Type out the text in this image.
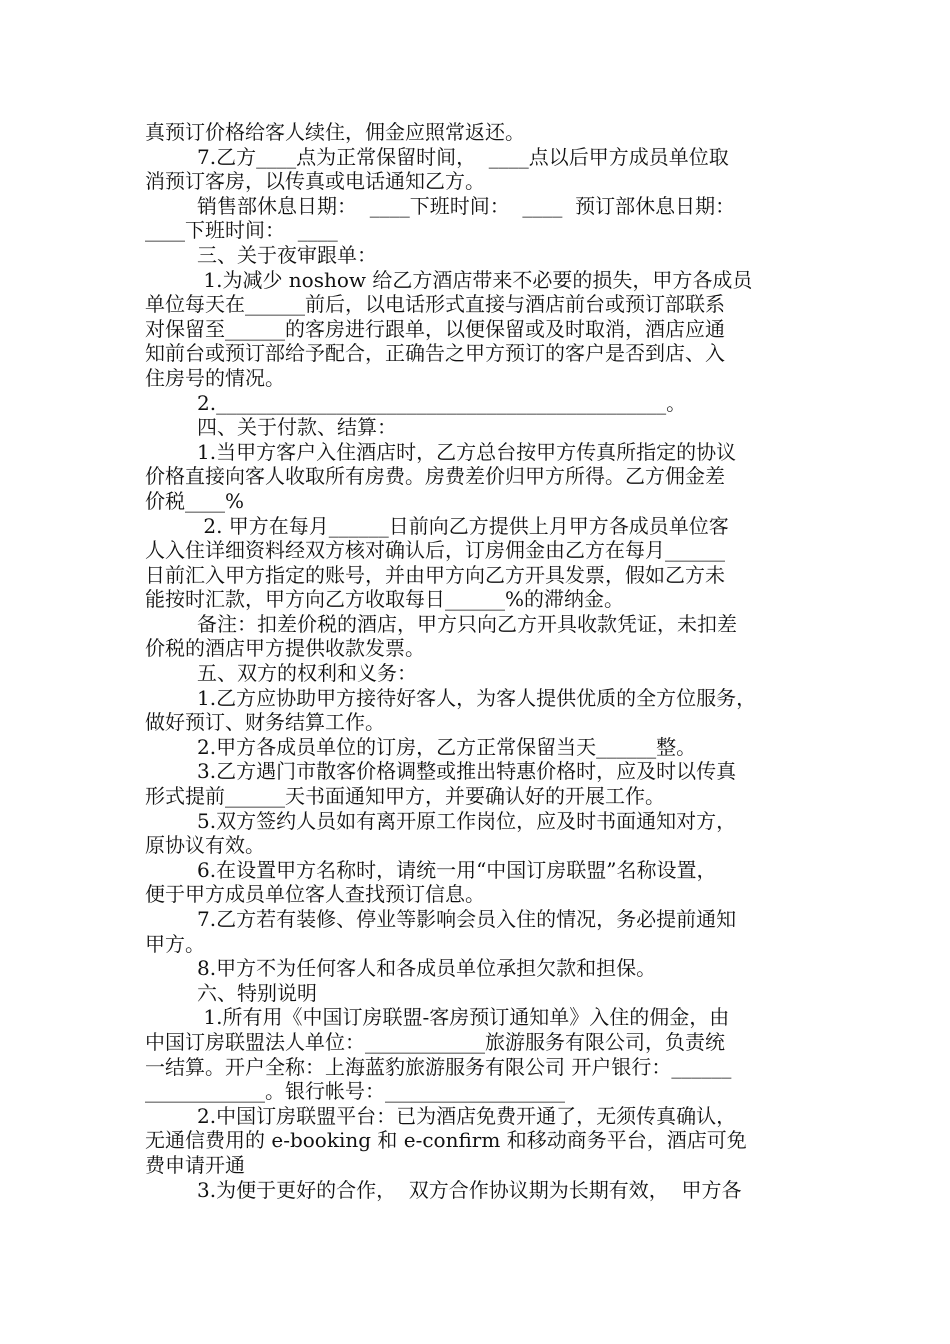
真预订价格给客人续住，佣金应照常返还。
7.乙方____点为正常保留时间，  ____点以后甲方成员单位取
消预订客房，以传真或电话通知乙方。
销售部休息日期：  ____下班时间：  ____  预订部休息日期：
____下班时间：  ____
三、关于夜审跟单：
1.为减少 noshow 给乙方酒店带来不必要的损失，甲方各成员
单位每天在______前后，以电话形式直接与酒店前台或预订部联系
对保留至______的客房进行跟单，以便保留或及时取消，酒店应通
知前台或预订部给予配合，正确告之甲方预订的客户是否到店、入
住房号的情况。
2._____________________________________________。
四、关于付款、结算：
1.当甲方客户入住酒店时，乙方总台按甲方传真所指定的协议
价格直接向客人收取所有房费。房费差价归甲方所得。乙方佣金差
价税____%
2. 甲方在每月______日前向乙方提供上月甲方各成员单位客
人入住详细资料经双方核对确认后，订房佣金由乙方在每月______
日前汇入甲方指定的账号，并由甲方向乙方开具发票，假如乙方未
能按时汇款，甲方向乙方收取每日______%的滞纳金。
备注：扣差价税的酒店，甲方只向乙方开具收款凭证，未扣差
价税的酒店甲方提供收款发票。
五、双方的权利和义务：
1.乙方应协助甲方接待好客人，为客人提供优质的全方位服务，
做好预订、财务结算工作。
2.甲方各成员单位的订房，乙方正常保留当天______整。
3.乙方遇门市散客价格调整或推出特惠价格时，应及时以传真
形式提前______天书面通知甲方，并要确认好的开展工作。
5.双方签约人员如有离开原工作岗位，应及时书面通知对方，
原协议有效。
6.在设置甲方名称时，请统一用“中国订房联盟”名称设置，
便于甲方成员单位客人查找预订信息。
7.乙方若有装修、停业等影响会员入住的情况，务必提前通知
甲方。
8.甲方不为任何客人和各成员单位承担欠款和担保。
六、特别说明
1.所有用《中国订房联盟-客房预订通知单》入住的佣金，由
中国订房联盟法人单位：____________旅游服务有限公司，负责统
一结算。开户全称：上海蓝豹旅游服务有限公司 开户银行：______
____________。银行帐号：__________________
2.中国订房联盟平台：已为酒店免费开通了，无须传真确认，
无通信费用的 e-booking 和 e-confirm 和移动商务平台，酒店可免
费申请开通
3.为便于更好的合作，  双方合作协议期为长期有效，  甲方各
